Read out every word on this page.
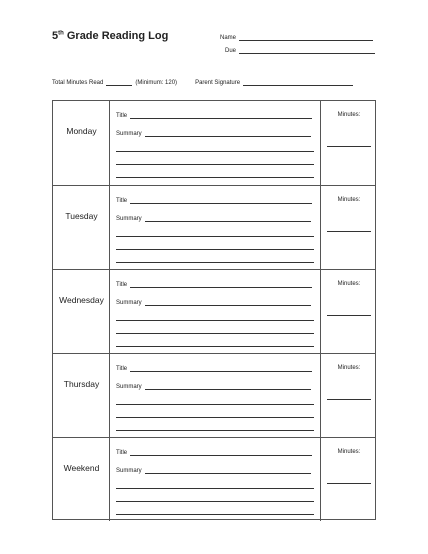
5th Grade Reading Log	Name
Due
Total Minutes Read	(Minimum: 120)	Parent Signature
Monday
Title
Summary
Minutes:
Tuesday
Title
Summary
Minutes:
Wednesday
Title
Summary
Minutes:
Thursday
Title
Summary
Minutes:
Weekend
Title
Summary
Minutes:
